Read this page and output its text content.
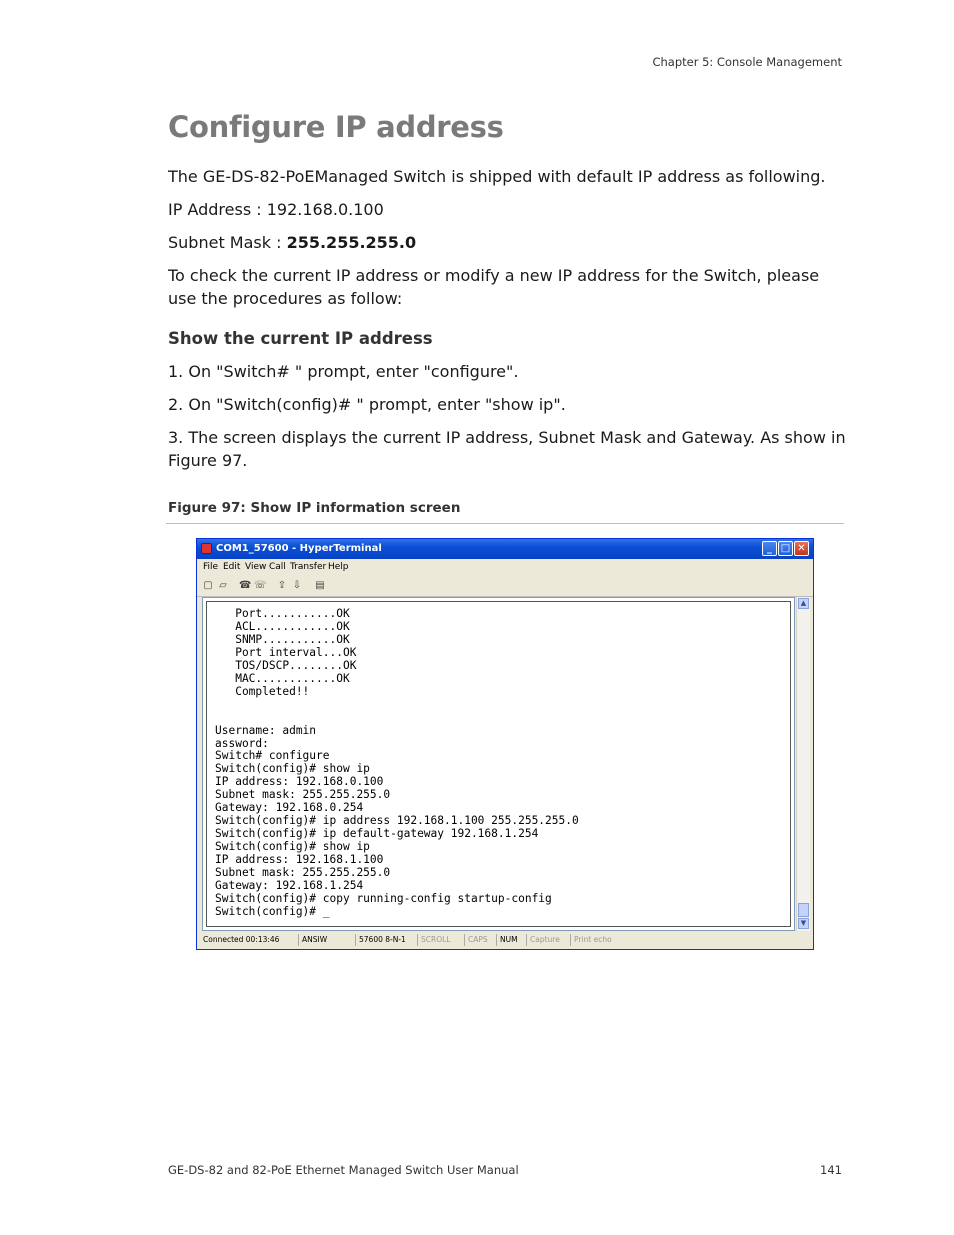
Chapter 5: Console Management
Configure IP address

The GE-DS-82-PoEManaged Switch is shipped with default IP address as following.

IP Address : 192.168.0.100

Subnet Mask : 255.255.255.0

To check the current IP address or modify a new IP address for the Switch, please use the procedures as follow:

Show the current IP address

1. On "Switch# " prompt, enter "configure".

2. On "Switch(config)# " prompt, enter "show ip".

3. The screen displays the current IP address, Subnet Mask and Gateway. As show in Figure 97.

Figure 97: Show IP information screen
COM1_57600 - HyperTerminal	_ □ ✕
File Edit View Call Transfer Help
▢ ▱ ☎ ☏ ⇪ ⇩ ▤
Port...........OK
ACL............OK
SNMP...........OK
Port interval...OK
TOS/DSCP........OK
MAC............OK
Completed!!

Username: admin
assword:
Switch# configure
Switch(config)# show ip
IP address: 192.168.0.100
Subnet mask: 255.255.255.0
Gateway: 192.168.0.254
Switch(config)# ip address 192.168.1.100 255.255.255.0
Switch(config)# ip default-gateway 192.168.1.254
Switch(config)# show ip
IP address: 192.168.1.100
Subnet mask: 255.255.255.0
Gateway: 192.168.1.254
Switch(config)# copy running-config startup-config
Switch(config)# _
▲
▼
Connected 00:13:46	ANSIW	57600 8-N-1	SCROLL	CAPS	NUM	Capture	Print echo
GE-DS-82 and 82-PoE Ethernet Managed Switch User Manual	141
